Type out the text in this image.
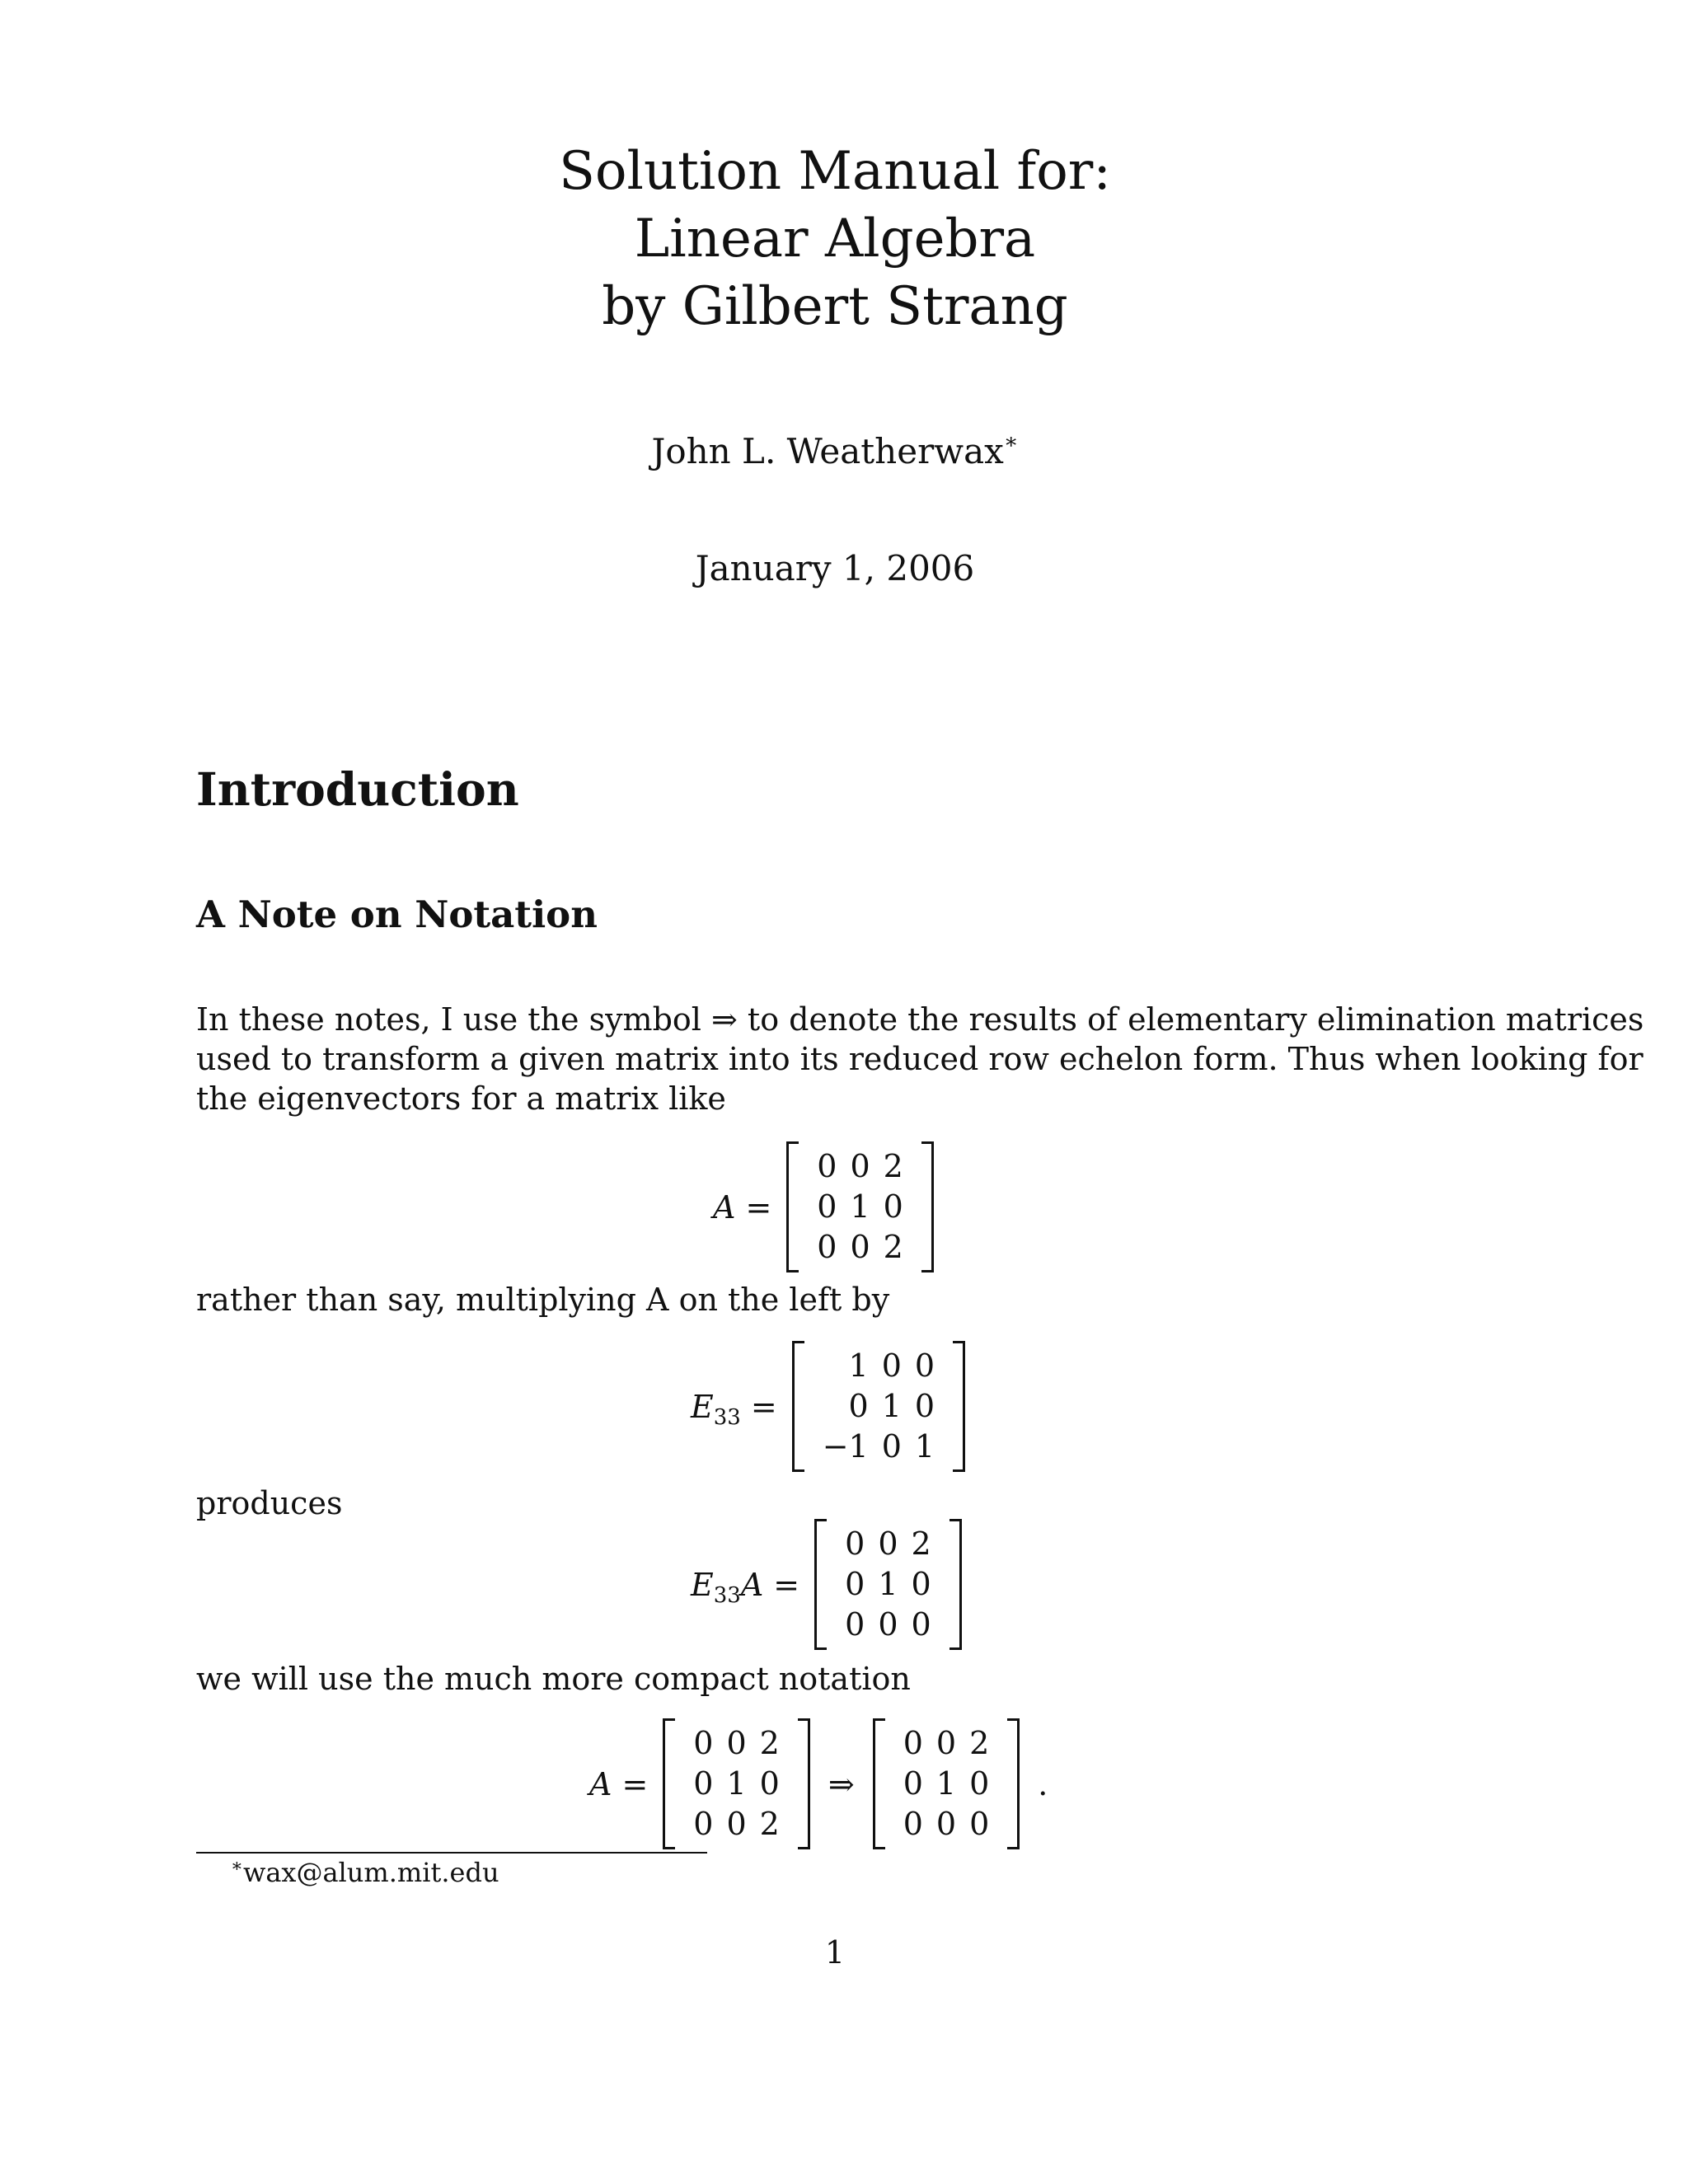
Solution Manual for:
Linear Algebra
by Gilbert Strang
John L. Weatherwax∗
January 1, 2006
Introduction
A Note on Notation
In these notes, I use the symbol ⇒ to denote the results of elementary elimination matrices
used to transform a given matrix into its reduced row echelon form. Thus when looking for
the eigenvectors for a matrix like
A =
0 0 2
0 1 0
0 0 2
rather than say, multiplying A on the left by
$E_{33}$ =
1 0 0
0 1 0
−1 0 1
produces
$E_{33}A$ =
0 0 2
0 1 0
0 0 0
we will use the much more compact notation
A =
0 0 2
0 1 0
0 0 2
⇒
0 0 2
0 1 0
0 0 0
.
∗wax@alum.mit.edu
1
